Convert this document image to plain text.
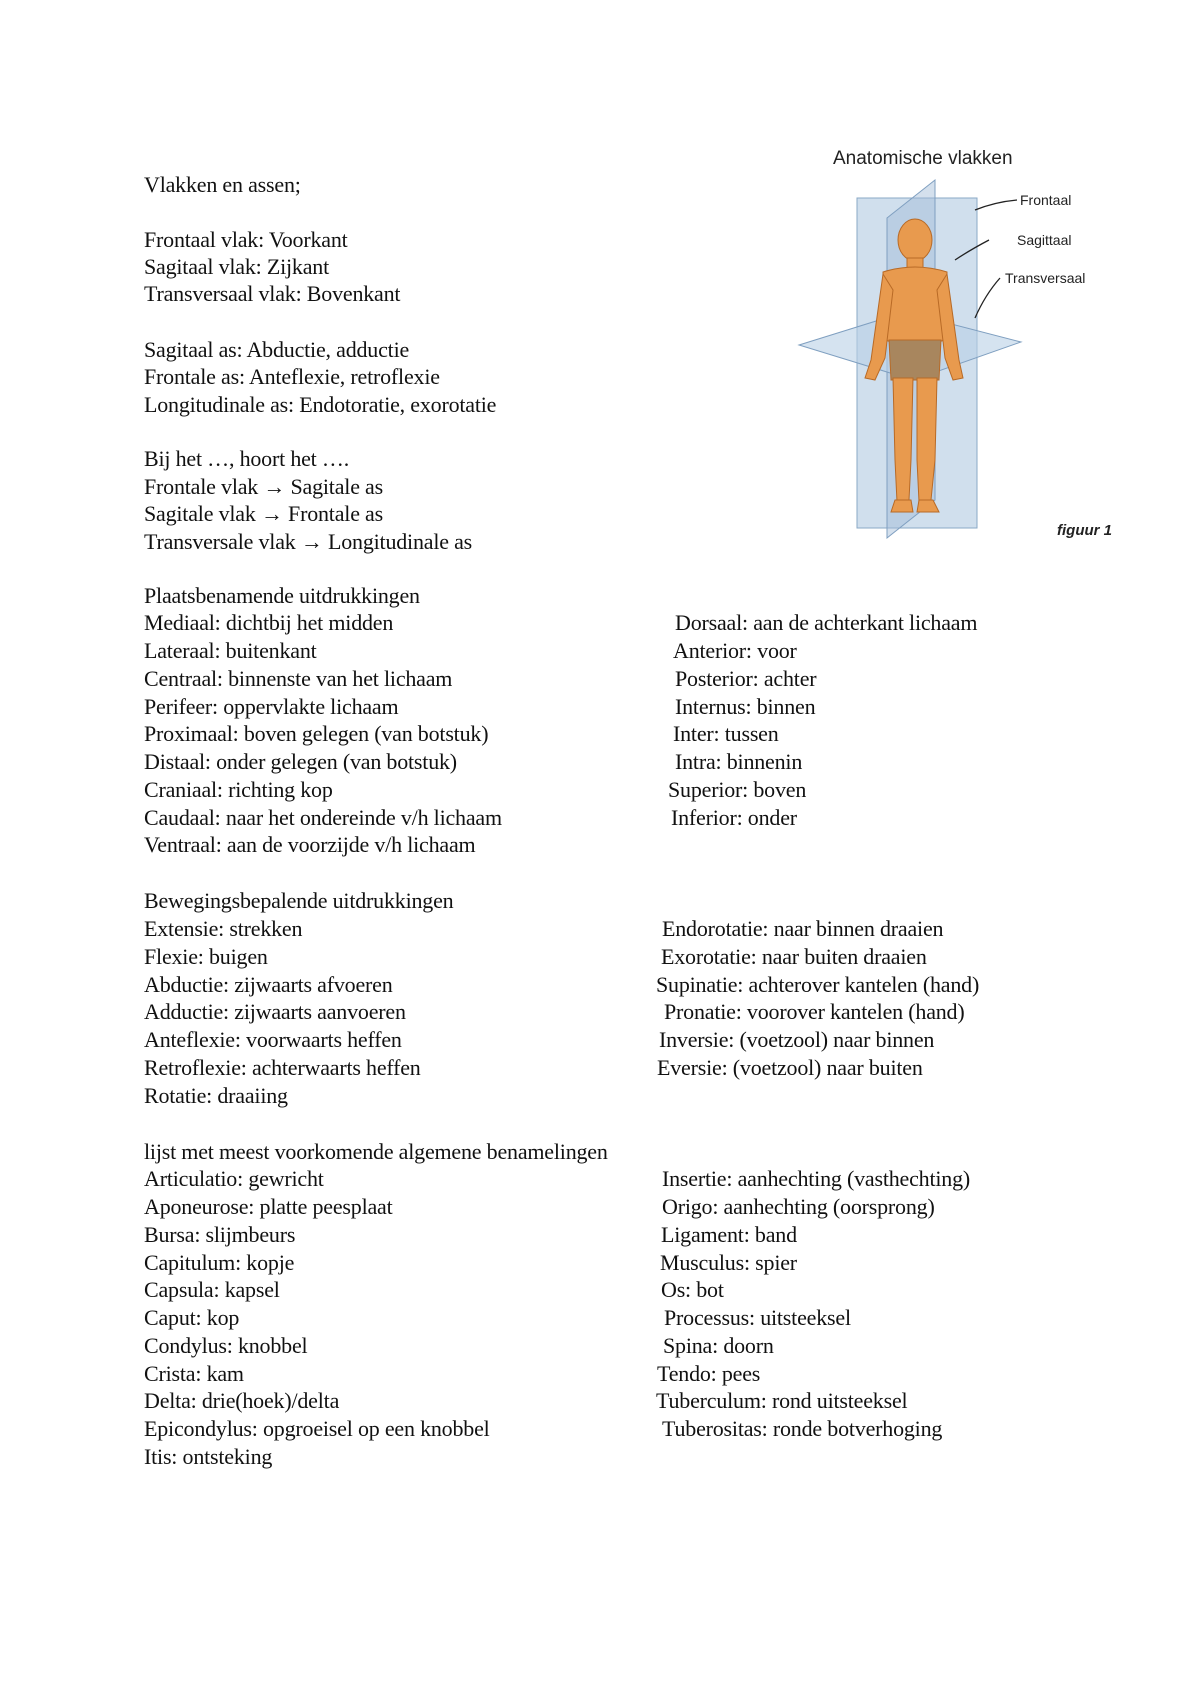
Vlakken en assen;
Frontaal vlak: Voorkant
Sagitaal vlak: Zijkant
Transversaal vlak: Bovenkant
Sagitaal as: Abductie, adductie
Frontale as: Anteflexie, retroflexie
Longitudinale as: Endotoratie, exorotatie
Bij het …, hoort het ….
Frontale vlak → Sagitale as
Sagitale vlak → Frontale as
Transversale vlak → Longitudinale as
Anatomische vlakken
Frontaal
Sagittaal
Transversaal
figuur 1
Plaatsbenamende uitdrukkingen
Mediaal: dichtbij het midden
Lateraal: buitenkant
Centraal: binnenste van het lichaam
Perifeer: oppervlakte lichaam
Proximaal: boven gelegen (van botstuk)
Distaal: onder gelegen (van botstuk)
Craniaal: richting kop
Caudaal: naar het ondereinde v/h lichaam
Ventraal: aan de voorzijde v/h lichaam
Dorsaal: aan de achterkant lichaam
Anterior: voor
Posterior: achter
Internus: binnen
Inter: tussen
Intra: binnenin
Superior: boven
Inferior: onder
Bewegingsbepalende uitdrukkingen
Extensie: strekken
Flexie: buigen
Abductie: zijwaarts afvoeren
Adductie: zijwaarts aanvoeren
Anteflexie: voorwaarts heffen
Retroflexie: achterwaarts heffen
Rotatie: draaiing
Endorotatie: naar binnen draaien
Exorotatie: naar buiten draaien
Supinatie: achterover kantelen (hand)
Pronatie: voorover kantelen (hand)
Inversie: (voetzool) naar binnen
Eversie: (voetzool) naar buiten
lijst met meest voorkomende algemene benamelingen
Articulatio: gewricht
Aponeurose: platte peesplaat
Bursa: slijmbeurs
Capitulum: kopje
Capsula: kapsel
Caput: kop
Condylus: knobbel
Crista: kam
Delta: drie(hoek)/delta
Epicondylus: opgroeisel op een knobbel
Itis: ontsteking
Insertie: aanhechting (vasthechting)
Origo: aanhechting (oorsprong)
Ligament: band
Musculus: spier
Os: bot
Processus: uitsteeksel
Spina: doorn
Tendo: pees
Tuberculum: rond uitsteeksel
Tuberositas: ronde botverhoging
